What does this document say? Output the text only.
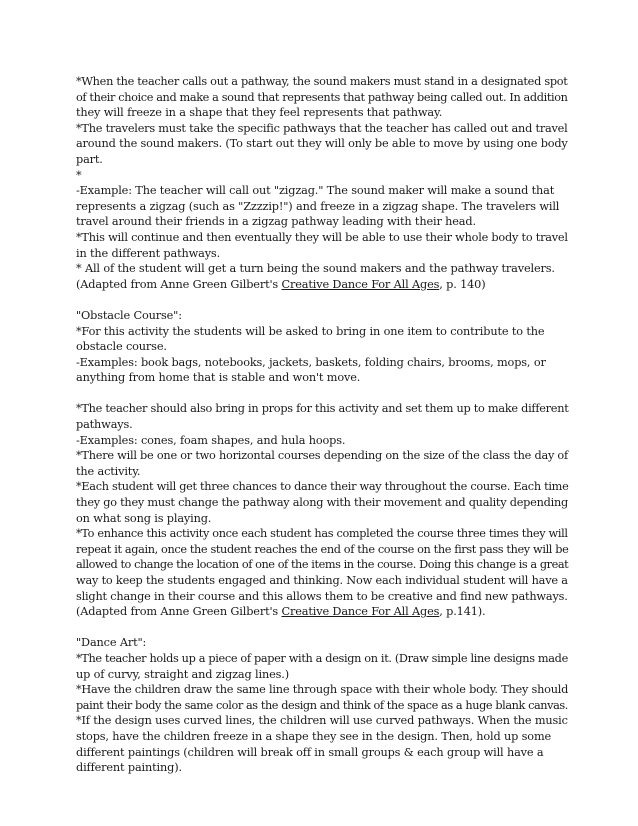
*When the teacher calls out a pathway, the sound makers must stand in a designated spot
of their choice and make a sound that represents that pathway being called out. In addition
they will freeze in a shape that they feel represents that pathway.
*The travelers must take the specific pathways that the teacher has called out and travel
around the sound makers. (To start out they will only be able to move by using one body
part.
*
-Example: The teacher will call out "zigzag." The sound maker will make a sound that
represents a zigzag (such as "Zzzzip!") and freeze in a zigzag shape. The travelers will
travel around their friends in a zigzag pathway leading with their head.
*This will continue and then eventually they will be able to use their whole body to travel
in the different pathways.
* All of the student will get a turn being the sound makers and the pathway travelers.
(Adapted from Anne Green Gilbert's Creative Dance For All Ages, p. 140)
"Obstacle Course":
*For this activity the students will be asked to bring in one item to contribute to the
obstacle course.
-Examples: book bags, notebooks, jackets, baskets, folding chairs, brooms, mops, or
anything from home that is stable and won't move.
*The teacher should also bring in props for this activity and set them up to make different
pathways.
-Examples: cones, foam shapes, and hula hoops.
*There will be one or two horizontal courses depending on the size of the class the day of
the activity.
*Each student will get three chances to dance their way throughout the course. Each time
they go they must change the pathway along with their movement and quality depending
on what song is playing.
*To enhance this activity once each student has completed the course three times they will
repeat it again, once the student reaches the end of the course on the first pass they will be
allowed to change the location of one of the items in the course. Doing this change is a great
way to keep the students engaged and thinking. Now each individual student will have a
slight change in their course and this allows them to be creative and find new pathways.
(Adapted from Anne Green Gilbert's Creative Dance For All Ages, p.141).
"Dance Art":
*The teacher holds up a piece of paper with a design on it. (Draw simple line designs made
up of curvy, straight and zigzag lines.)
*Have the children draw the same line through space with their whole body. They should
paint their body the same color as the design and think of the space as a huge blank canvas.
*If the design uses curved lines, the children will use curved pathways. When the music
stops, have the children freeze in a shape they see in the design. Then, hold up some
different paintings (children will break off in small groups & each group will have a
different painting).
